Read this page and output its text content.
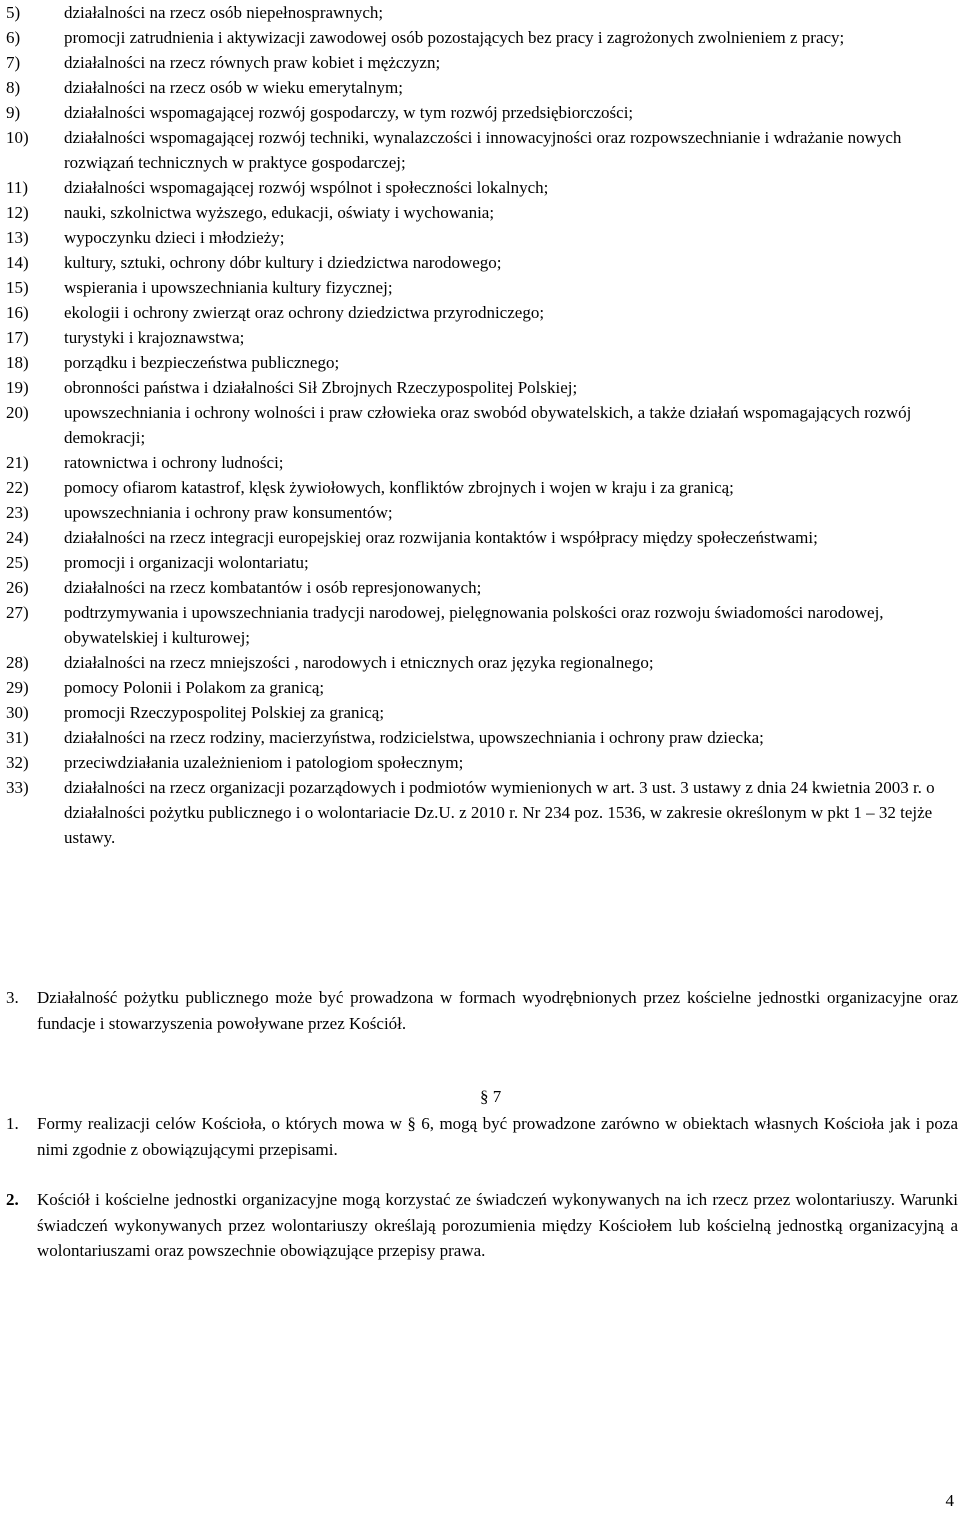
5)	działalności na rzecz osób niepełnosprawnych;
6)	promocji zatrudnienia i aktywizacji zawodowej osób pozostających bez pracy i zagrożonych zwolnieniem z pracy;
7)	działalności na rzecz równych praw kobiet i mężczyzn;
8)	działalności na rzecz osób w wieku emerytalnym;
9)	działalności wspomagającej rozwój gospodarczy, w tym rozwój przedsiębiorczości;
10) działalności wspomagającej rozwój techniki, wynalazczości i innowacyjności oraz rozpowszechnianie i wdrażanie nowych rozwiązań technicznych w praktyce gospodarczej;
11) działalności wspomagającej rozwój wspólnot i społeczności lokalnych;
12) nauki, szkolnictwa wyższego, edukacji, oświaty i wychowania;
13) wypoczynku dzieci i młodzieży;
14) kultury, sztuki, ochrony dóbr kultury i dziedzictwa narodowego;
15) wspierania i upowszechniania kultury fizycznej;
16) ekologii i ochrony zwierząt oraz ochrony dziedzictwa przyrodniczego;
17) turystyki i krajoznawstwa;
18) porządku i bezpieczeństwa publicznego;
19) obronności państwa i działalności Sił Zbrojnych Rzeczypospolitej Polskiej;
20) upowszechniania i ochrony wolności i praw człowieka oraz swobód obywatelskich, a także działań wspomagających rozwój demokracji;
21) ratownictwa i ochrony ludności;
22) pomocy ofiarom katastrof, klęsk żywiołowych, konfliktów zbrojnych i wojen w kraju i za granicą;
23) upowszechniania i ochrony praw konsumentów;
24) działalności na rzecz integracji europejskiej oraz rozwijania kontaktów i współpracy między społeczeństwami;
25) promocji i organizacji wolontariatu;
26) działalności na rzecz kombatantów i osób represjonowanych;
27) podtrzymywania i upowszechniania tradycji narodowej, pielęgnowania polskości oraz rozwoju świadomości narodowej, obywatelskiej i kulturowej;
28) działalności na rzecz mniejszości , narodowych i etnicznych oraz języka regionalnego;
29) pomocy Polonii i Polakom za granicą;
30) promocji Rzeczypospolitej Polskiej za granicą;
31) działalności na rzecz rodziny, macierzyństwa, rodzicielstwa, upowszechniania i ochrony praw dziecka;
32) przeciwdziałania uzależnieniom i patologiom społecznym;
33) działalności na rzecz organizacji pozarządowych i podmiotów wymienionych w art. 3 ust. 3 ustawy z dnia 24 kwietnia 2003 r. o działalności pożytku publicznego i o wolontariacie Dz.U. z 2010 r. Nr 234 poz. 1536, w zakresie określonym w pkt 1 – 32 tejże ustawy.
3.	Działalność pożytku publicznego może być prowadzona w formach wyodrębnionych przez kościelne jednostki organizacyjne oraz fundacje i stowarzyszenia powoływane przez Kościół.
§ 7
1.	Formy realizacji celów Kościoła, o których mowa w § 6, mogą być prowadzone zarówno w obiektach własnych Kościoła jak i poza nimi zgodnie z obowiązującymi przepisami.
2.	Kościół i kościelne jednostki organizacyjne mogą korzystać ze świadczeń wykonywanych na ich rzecz przez wolontariuszy. Warunki świadczeń wykonywanych przez wolontariuszy określają porozumienia między Kościołem lub kościelną jednostką organizacyjną a wolontariuszami oraz powszechnie obowiązujące przepisy prawa.
4
